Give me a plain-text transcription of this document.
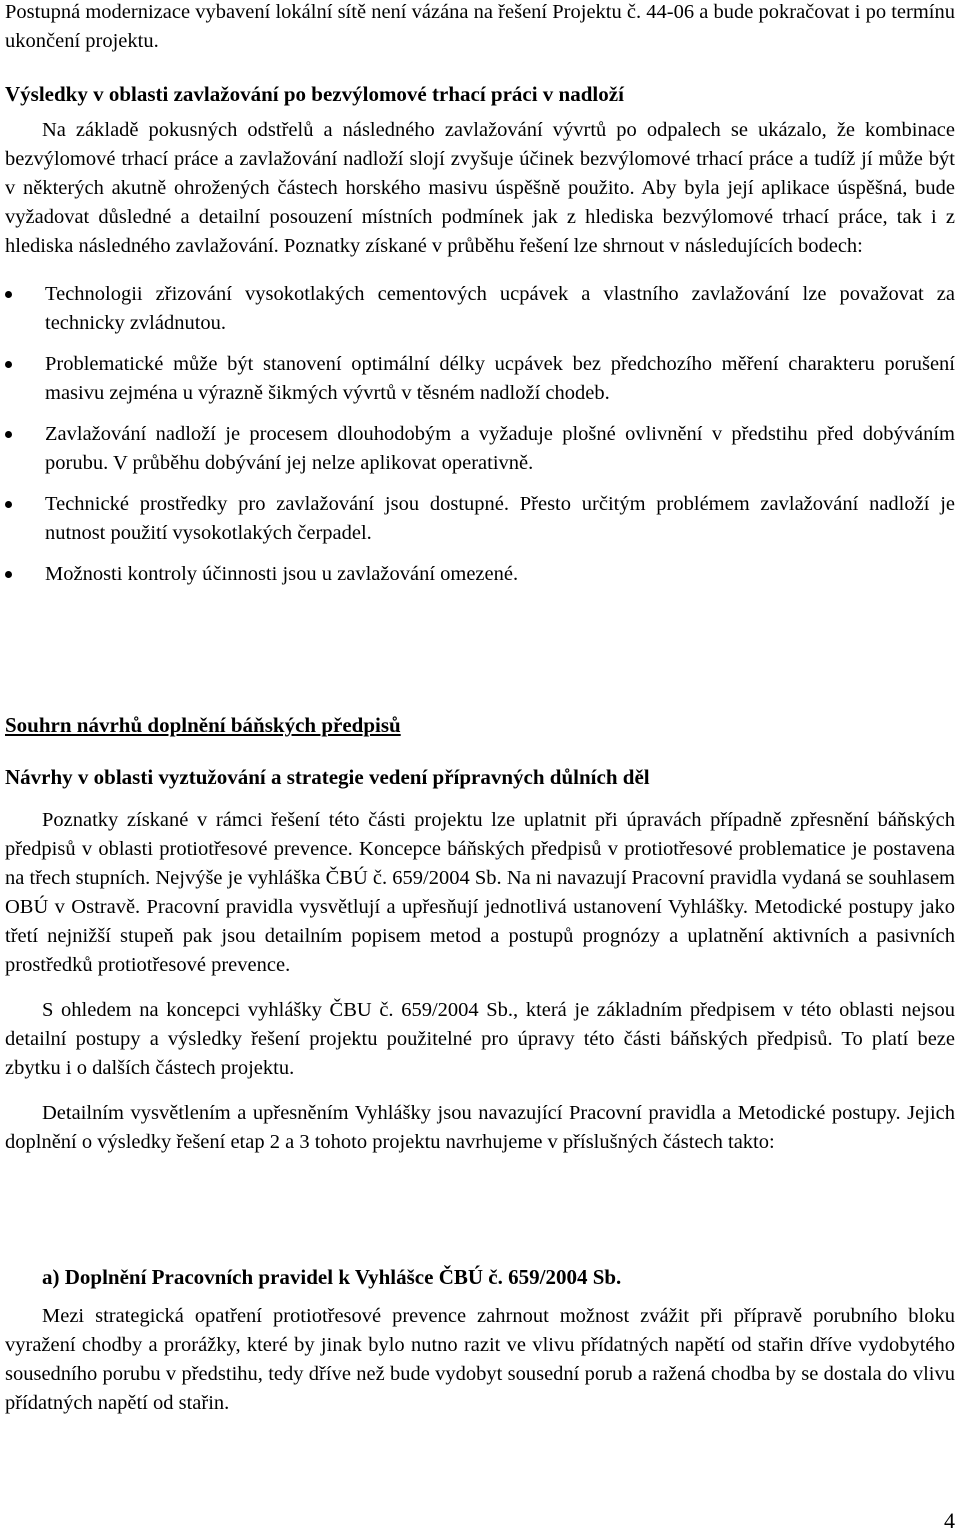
Postupná modernizace vybavení lokální sítě není vázána na řešení Projektu č. 44-06 a bude pokračovat i po termínu ukončení projektu.

Výsledky v oblasti zavlažování po bezvýlomové trhací práci v nadloží

Na základě pokusných odstřelů a následného zavlažování vývrtů po odpalech se ukázalo, že kombinace bezvýlomové trhací práce a zavlažování nadloží slojí zvyšuje účinek bezvýlomové trhací práce a tudíž jí může být v některých akutně ohrožených částech horského masivu úspěšně použito. Aby byla její aplikace úspěšná, bude vyžadovat důsledné a detailní posouzení místních podmínek jak z hlediska bezvýlomové trhací práce, tak i z hlediska následného zavlažování. Poznatky získané v průběhu řešení lze shrnout v následujících bodech:

Technologii zřizování vysokotlakých cementových ucpávek a vlastního zavlažování lze považovat za technicky zvládnutou.
Problematické může být stanovení optimální délky ucpávek bez předchozího měření charakteru porušení masivu zejména u výrazně šikmých vývrtů v těsném nadloží chodeb.
Zavlažování nadloží je procesem dlouhodobým a vyžaduje plošné ovlivnění v předstihu před dobýváním porubu. V průběhu dobývání jej nelze aplikovat operativně.
Technické prostředky pro zavlažování jsou dostupné. Přesto určitým problémem zavlažování nadloží je nutnost použití vysokotlakých čerpadel.
Možnosti kontroly účinnosti jsou u zavlažování omezené.
Souhrn návrhů doplnění báňských předpisů
Návrhy v oblasti vyztužování a strategie vedení přípravných důlních děl

Poznatky získané v rámci řešení této části projektu lze uplatnit při úpravách případně zpřesnění báňských předpisů v oblasti protiotřesové prevence. Koncepce báňských předpisů v protiotřesové problematice je postavena na třech stupních. Nejvýše je vyhláška ČBÚ č. 659/2004 Sb. Na ni navazují Pracovní pravidla vydaná se souhlasem OBÚ v Ostravě. Pracovní pravidla vysvětlují a upřesňují jednotlivá ustanovení Vyhlášky. Metodické postupy jako třetí nejnižší stupeň pak jsou detailním popisem metod a postupů prognózy a uplatnění aktivních a pasivních prostředků protiotřesové prevence.

S ohledem na koncepci vyhlášky ČBU č. 659/2004 Sb., která je základním předpisem v této oblasti nejsou detailní postupy a výsledky řešení projektu použitelné pro úpravy této části báňských předpisů. To platí beze zbytku i o dalších částech projektu.

Detailním vysvětlením a upřesněním Vyhlášky jsou navazující Pracovní pravidla a Metodické postupy. Jejich doplnění o výsledky řešení etap 2 a 3 tohoto projektu navrhujeme v příslušných částech takto:

a) Doplnění Pracovních pravidel k Vyhlášce ČBÚ č. 659/2004 Sb.

Mezi strategická opatření protiotřesové prevence zahrnout možnost zvážit při přípravě porubního bloku vyražení chodby a prorážky, které by jinak bylo nutno razit ve vlivu přídatných napětí od stařin dříve vydobytého sousedního porubu v předstihu, tedy dříve než bude vydobyt sousední porub a ražená chodba by se dostala do vlivu přídatných napětí od stařin.

4
